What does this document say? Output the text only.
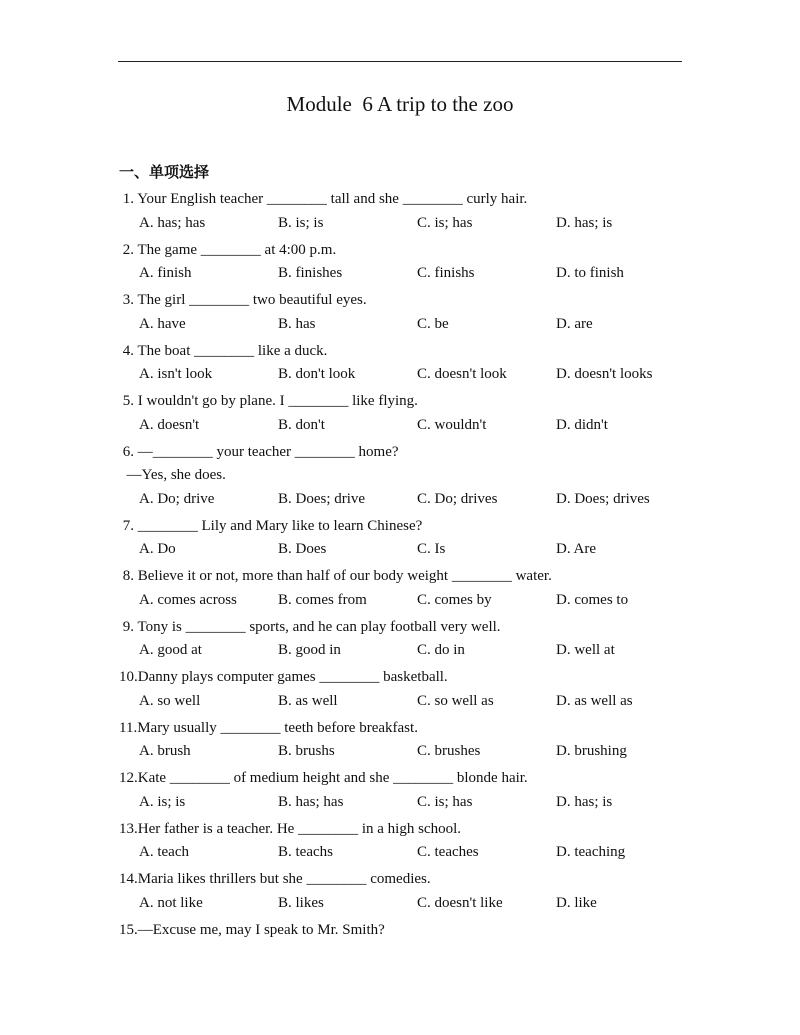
Module  6 A trip to the zoo
一、单项选择
1. Your English teacher ________ tall and she ________ curly hair.
A. has; has	B. is; is	C. is; has	D. has; is
2. The game ________ at 4:00 p.m.
A. finish	B. finishes	C. finishs	D. to finish
3. The girl ________ two beautiful eyes.
A. have	B. has	C. be	D. are
4. The boat ________ like a duck.
A. isn't look	B. don't look	C. doesn't look	D. doesn't looks
5. I wouldn't go by plane. I ________ like flying.
A. doesn't	B. don't	C. wouldn't	D. didn't
6. —________ your teacher ________ home?
—Yes, she does.
A. Do; drive	B. Does; drive	C. Do; drives	D. Does; drives
7. ________ Lily and Mary like to learn Chinese?
A. Do	B. Does	C. Is	D. Are
8. Believe it or not, more than half of our body weight ________ water.
A. comes across	B. comes from	C. comes by	D. comes to
9. Tony is ________ sports, and he can play football very well.
A. good at	B. good in	C. do in	D. well at
10.Danny plays computer games ________ basketball.
A. so well	B. as well	C. so well as	D. as well as
11.Mary usually ________ teeth before breakfast.
A. brush	B. brushs	C. brushes	D. brushing
12.Kate ________ of medium height and she ________ blonde hair.
A. is; is	B. has; has	C. is; has	D. has; is
13.Her father is a teacher. He ________ in a high school.
A. teach	B. teachs	C. teaches	D. teaching
14.Maria likes thrillers but she ________ comedies.
A. not like	B. likes	C. doesn't like	D. like
15.—Excuse me, may I speak to Mr. Smith?
